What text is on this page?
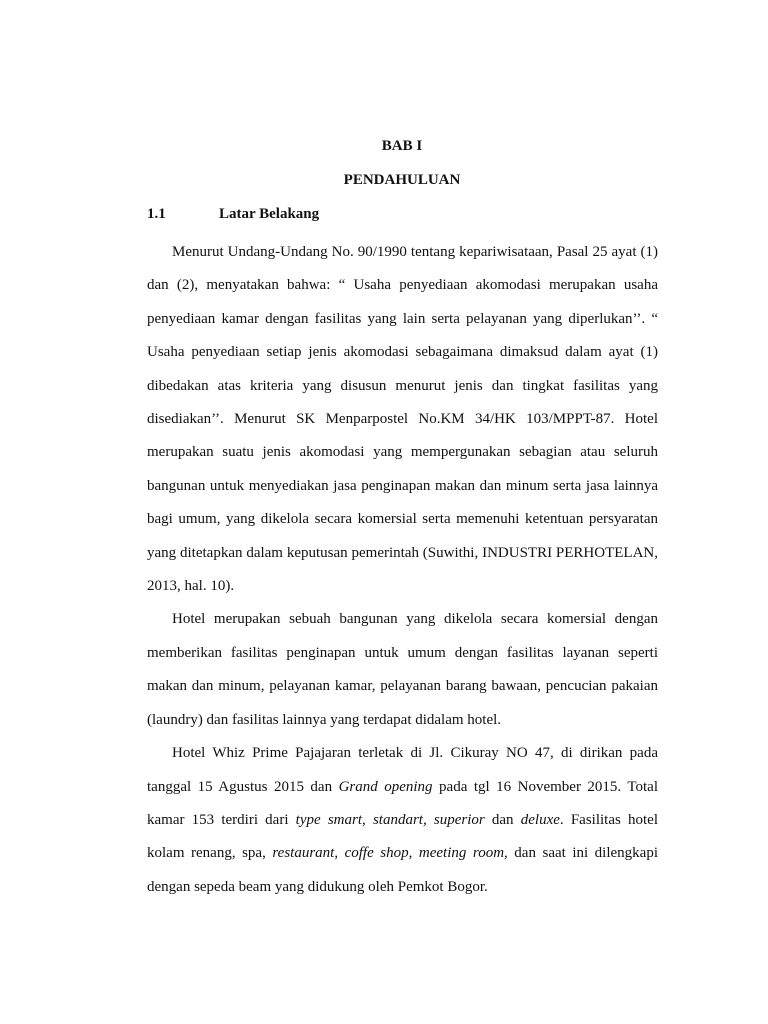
BAB I
PENDAHULUAN
1.1	Latar Belakang

Menurut Undang-Undang No. 90/1990 tentang kepariwisataan, Pasal 25 ayat (1) dan (2), menyatakan bahwa: “ Usaha penyediaan akomodasi merupakan usaha penyediaan kamar dengan fasilitas yang lain serta pelayanan yang diperlukan’’. “ Usaha penyediaan setiap jenis akomodasi sebagaimana dimaksud dalam ayat (1) dibedakan atas kriteria yang disusun menurut jenis dan tingkat fasilitas yang disediakan’’. Menurut SK Menparpostel No.KM 34/HK 103/MPPT-87. Hotel merupakan suatu jenis akomodasi yang mempergunakan sebagian atau seluruh bangunan untuk menyediakan jasa penginapan makan dan minum serta jasa lainnya bagi umum, yang dikelola secara komersial serta memenuhi ketentuan persyaratan yang ditetapkan dalam keputusan pemerintah (Suwithi, INDUSTRI PERHOTELAN, 2013, hal. 10).

Hotel merupakan sebuah bangunan yang dikelola secara komersial dengan memberikan fasilitas penginapan untuk umum dengan fasilitas layanan seperti makan dan minum, pelayanan kamar, pelayanan barang bawaan, pencucian pakaian (laundry) dan fasilitas lainnya yang terdapat didalam hotel.

Hotel Whiz Prime Pajajaran terletak di Jl. Cikuray NO 47, di dirikan pada tanggal 15 Agustus 2015 dan Grand opening pada tgl 16 November 2015. Total kamar 153 terdiri dari type smart, standart, superior dan deluxe. Fasilitas hotel kolam renang, spa, restaurant, coffe shop, meeting room, dan saat ini dilengkapi dengan sepeda beam yang didukung oleh Pemkot Bogor.
